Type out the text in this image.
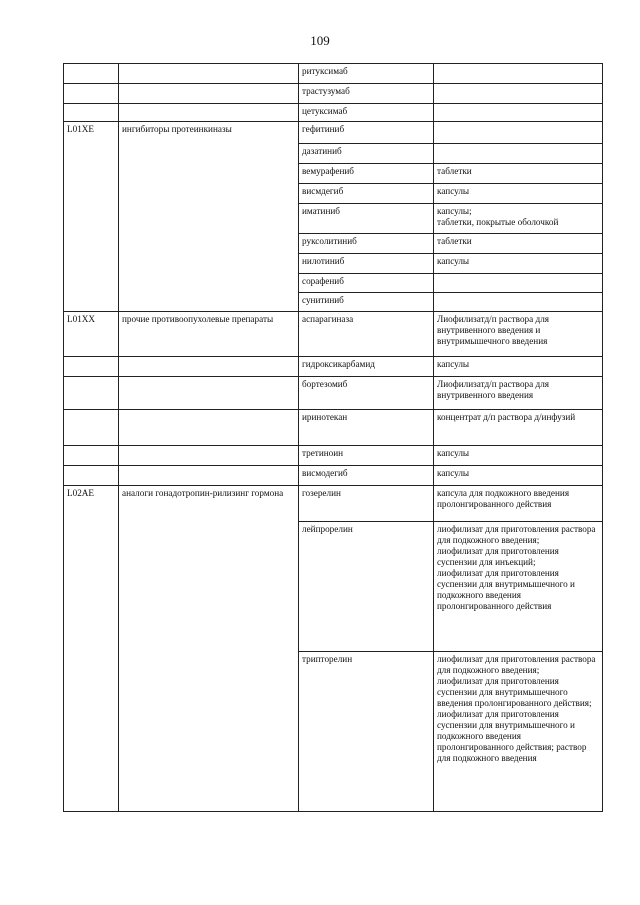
109
		ритуксимаб	
		трастузумаб	
		цетуксимаб	
L01XE	ингибиторы протеинкиназы	гефитиниб	
		дазатиниб	
		вемурафениб	таблетки
		висмдегиб	капсулы
		иматиниб	капсулы;
таблетки, покрытые оболочкой
		руксолитиниб	таблетки
		нилотиниб	капсулы
		сорафениб	
		сунитиниб	
L01XX	прочие противоопухолевые препараты	аспарагиназа	Лиофилизатд/п раствора для внутривенного введения и внутримышечного введения
		гидроксикарбамид	капсулы
		бортезомиб	Лиофилизатд/п раствора для внутривенного введения
		иринотекан	концентрат д/п раствора д/инфузий
		третиноин	капсулы
		висмодегиб	капсулы
L02AE	аналоги гонадотропин-рилизинг гормона	гозерелин	капсула для подкожного введения пролонгированного действия
		лейпрорелин	лиофилизат для приготовления раствора для подкожного введения;
лиофилизат для приготовления суспензии для инъекций;
лиофилизат для приготовления суспензии для внутримышечного и
подкожного введения пролонгированного действия
		трипторелин	лиофилизат для приготовления раствора для подкожного введения;
лиофилизат для приготовления суспензии для внутримышечного введения пролонгированного действия; лиофилизат для приготовления суспензии для внутримышечного и подкожного введения пролонгированного действия; раствор для подкожного введения
